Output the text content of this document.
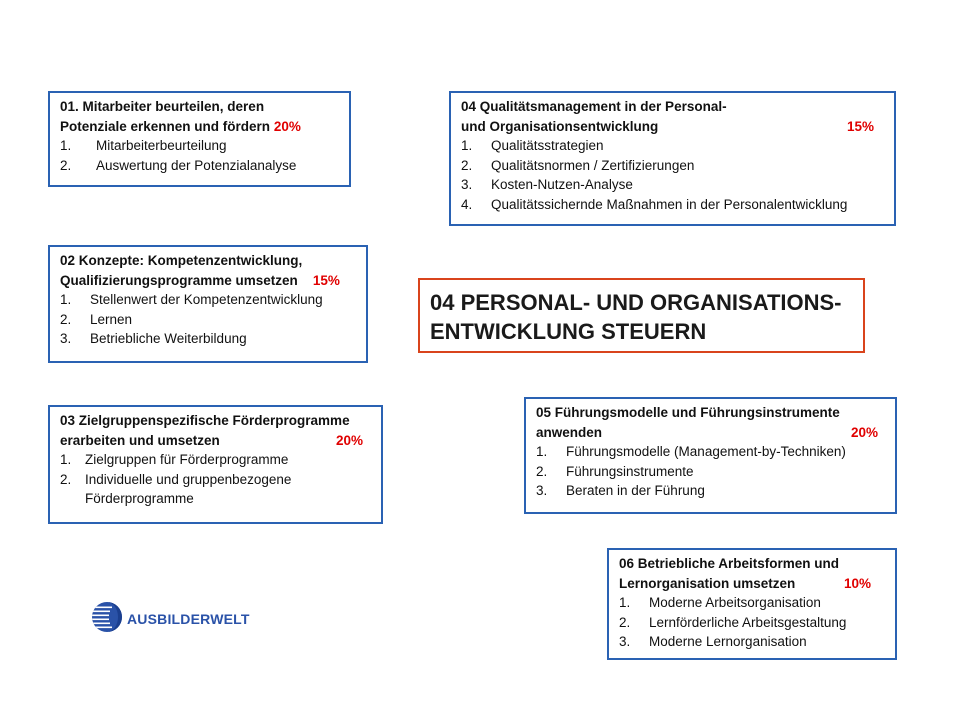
01. Mitarbeiter beurteilen, deren
Potenziale erkennen und fördern 20%
1.	Mitarbeiterbeurteilung
2.	Auswertung der Potenzialanalyse
04 Qualitätsmanagement in der Personal-
und Organisationsentwicklung	15%
1.	Qualitätsstrategien
2.	Qualitätsnormen / Zertifizierungen
3.	Kosten-Nutzen-Analyse
4.	Qualitätssichernde Maßnahmen in der Personalentwicklung
02 Konzepte: Kompetenzentwicklung,
Qualifizierungsprogramme umsetzen 15%
1.	Stellenwert der Kompetenzentwicklung
2.	Lernen
3.	Betriebliche Weiterbildung
04 PERSONAL- UND ORGANISATIONS-
ENTWICKLUNG STEUERN
03 Zielgruppenspezifische Förderprogramme
erarbeiten und umsetzen	20%
1.	Zielgruppen für Förderprogramme
2.	Individuelle und gruppenbezogene Förderprogramme
05 Führungsmodelle und Führungsinstrumente
anwenden	20%
1.	Führungsmodelle (Management-by-Techniken)
2.	Führungsinstrumente
3.	Beraten in der Führung
06 Betriebliche Arbeitsformen und
Lernorganisation umsetzen	10%
1.	Moderne Arbeitsorganisation
2.	Lernförderliche Arbeitsgestaltung
3.	Moderne Lernorganisation
AUSBILDERWELT
